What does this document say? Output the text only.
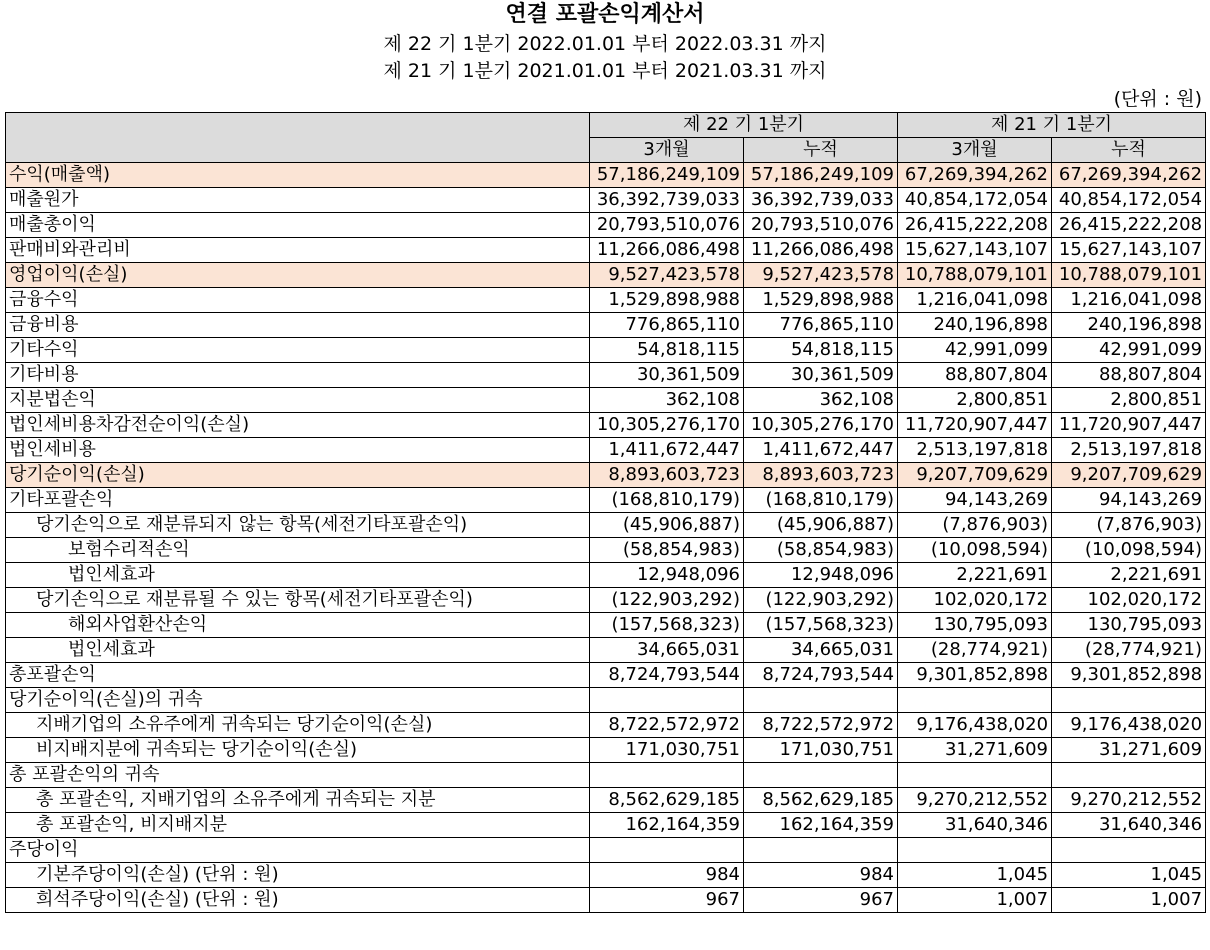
연결 포괄손익계산서
제 22 기 1분기 2022.01.01 부터 2022.03.31 까지
제 21 기 1분기 2021.01.01 부터 2021.03.31 까지
(단위 : 원)
	제 22 기 1분기		제 21 기 1분기	
	3개월	누적	3개월	누적
수익(매출액)	57,186,249,109	57,186,249,109	67,269,394,262	67,269,394,262
매출원가	36,392,739,033	36,392,739,033	40,854,172,054	40,854,172,054
매출총이익	20,793,510,076	20,793,510,076	26,415,222,208	26,415,222,208
판매비와관리비	11,266,086,498	11,266,086,498	15,627,143,107	15,627,143,107
영업이익(손실)	9,527,423,578	9,527,423,578	10,788,079,101	10,788,079,101
금융수익	1,529,898,988	1,529,898,988	1,216,041,098	1,216,041,098
금융비용	776,865,110	776,865,110	240,196,898	240,196,898
기타수익	54,818,115	54,818,115	42,991,099	42,991,099
기타비용	30,361,509	30,361,509	88,807,804	88,807,804
지분법손익	362,108	362,108	2,800,851	2,800,851
법인세비용차감전순이익(손실)	10,305,276,170	10,305,276,170	11,720,907,447	11,720,907,447
법인세비용	1,411,672,447	1,411,672,447	2,513,197,818	2,513,197,818
당기순이익(손실)	8,893,603,723	8,893,603,723	9,207,709,629	9,207,709,629
기타포괄손익	(168,810,179)	(168,810,179)	94,143,269	94,143,269
당기손익으로 재분류되지 않는 항목(세전기타포괄손익)	(45,906,887)	(45,906,887)	(7,876,903)	(7,876,903)
보험수리적손익	(58,854,983)	(58,854,983)	(10,098,594)	(10,098,594)
법인세효과	12,948,096	12,948,096	2,221,691	2,221,691
당기손익으로 재분류될 수 있는 항목(세전기타포괄손익)	(122,903,292)	(122,903,292)	102,020,172	102,020,172
해외사업환산손익	(157,568,323)	(157,568,323)	130,795,093	130,795,093
법인세효과	34,665,031	34,665,031	(28,774,921)	(28,774,921)
총포괄손익	8,724,793,544	8,724,793,544	9,301,852,898	9,301,852,898
당기순이익(손실)의 귀속				
지배기업의 소유주에게 귀속되는 당기순이익(손실)	8,722,572,972	8,722,572,972	9,176,438,020	9,176,438,020
비지배지분에 귀속되는 당기순이익(손실)	171,030,751	171,030,751	31,271,609	31,271,609
총 포괄손익의 귀속				
총 포괄손익, 지배기업의 소유주에게 귀속되는 지분	8,562,629,185	8,562,629,185	9,270,212,552	9,270,212,552
총 포괄손익, 비지배지분	162,164,359	162,164,359	31,640,346	31,640,346
주당이익				
기본주당이익(손실) (단위 : 원)	984	984	1,045	1,045
희석주당이익(손실) (단위 : 원)	967	967	1,007	1,007
